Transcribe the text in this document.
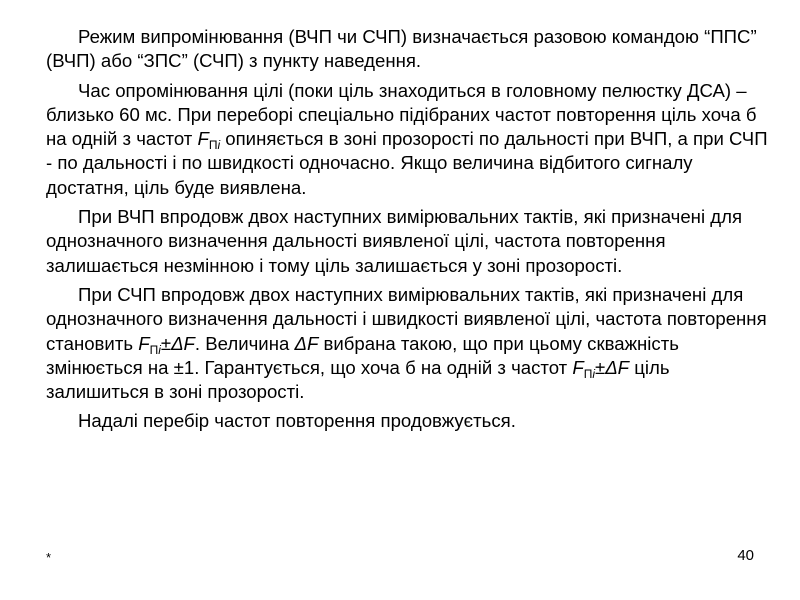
Режим випромінювання (ВЧП чи СЧП) визначається разовою командою “ППС” (ВЧП) або “ЗПС” (СЧП) з пункту наведення.

Час опромінювання цілі (поки ціль знаходиться в головному пелюстку ДСА) – близько 60 мс. При переборі спеціально підібраних частот повторення ціль хоча б на одній з частот $F_{Пi}$ опиняється в зоні прозорості по дальності при ВЧП, а при СЧП - по дальності і по швидкості одночасно. Якщо величина відбитого сигналу достатня, ціль буде виявлена.

При ВЧП впродовж двох наступних вимірювальних тактів, які призначені для однозначного визначення дальності виявленої цілі, частота повторення залишається незмінною і тому ціль залишається у зоні прозорості.

При СЧП впродовж двох наступних вимірювальних тактів, які призначені для однозначного визначення дальності і швидкості виявленої цілі, частота повторення становить $F_{Пi}\pm\Delta F$. Величина ΔF вибрана такою, що при цьому скважність змінюється на ±1. Гарантується, що хоча б на одній з частот $F_{Пi}\pm\Delta F$ ціль залишиться в зоні прозорості.

Надалі перебір частот повторення продовжується.

*	40
